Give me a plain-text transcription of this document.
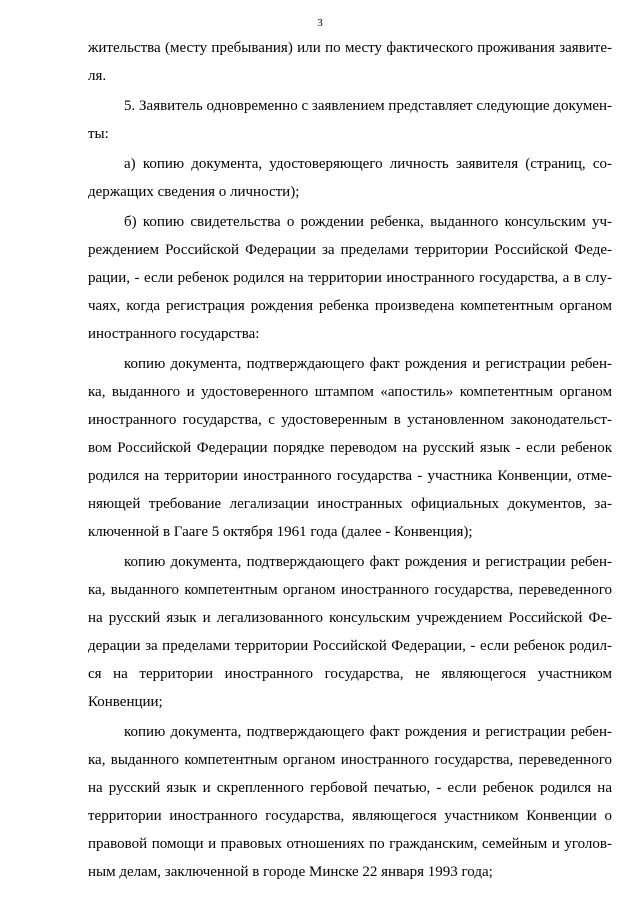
3
жительства (месту пребывания) или по месту фактического проживания заявите-
ля.
5. Заявитель одновременно с заявлением представляет следующие докумен-
ты:
а) копию документа, удостоверяющего личность заявителя (страниц, со-
держащих сведения о личности);
б) копию свидетельства о рождении ребенка, выданного консульским уч-
реждением Российской Федерации за пределами территории Российской Феде-
рации, - если ребенок родился на территории иностранного государства, а в слу-
чаях, когда регистрация рождения ребенка произведена компетентным органом
иностранного государства:
копию документа, подтверждающего факт рождения и регистрации ребен-
ка, выданного и удостоверенного штампом «апостиль» компетентным органом
иностранного государства, с удостоверенным в установленном законодательст-
вом Российской Федерации порядке переводом на русский язык - если ребенок
родился на территории иностранного государства - участника Конвенции, отме-
няющей требование легализации иностранных официальных документов, за-
ключенной в Гааге 5 октября 1961 года (далее - Конвенция);
копию документа, подтверждающего факт рождения и регистрации ребен-
ка, выданного компетентным органом иностранного государства, переведенного
на русский язык и легализованного консульским учреждением Российской Фе-
дерации за пределами территории Российской Федерации, - если ребенок родил-
ся на территории иностранного государства, не являющегося участником
Конвенции;
копию документа, подтверждающего факт рождения и регистрации ребен-
ка, выданного компетентным органом иностранного государства, переведенного
на русский язык и скрепленного гербовой печатью, - если ребенок родился на
территории иностранного государства, являющегося участником Конвенции о
правовой помощи и правовых отношениях по гражданским, семейным и уголов-
ным делам, заключенной в городе Минске 22 января 1993 года;
